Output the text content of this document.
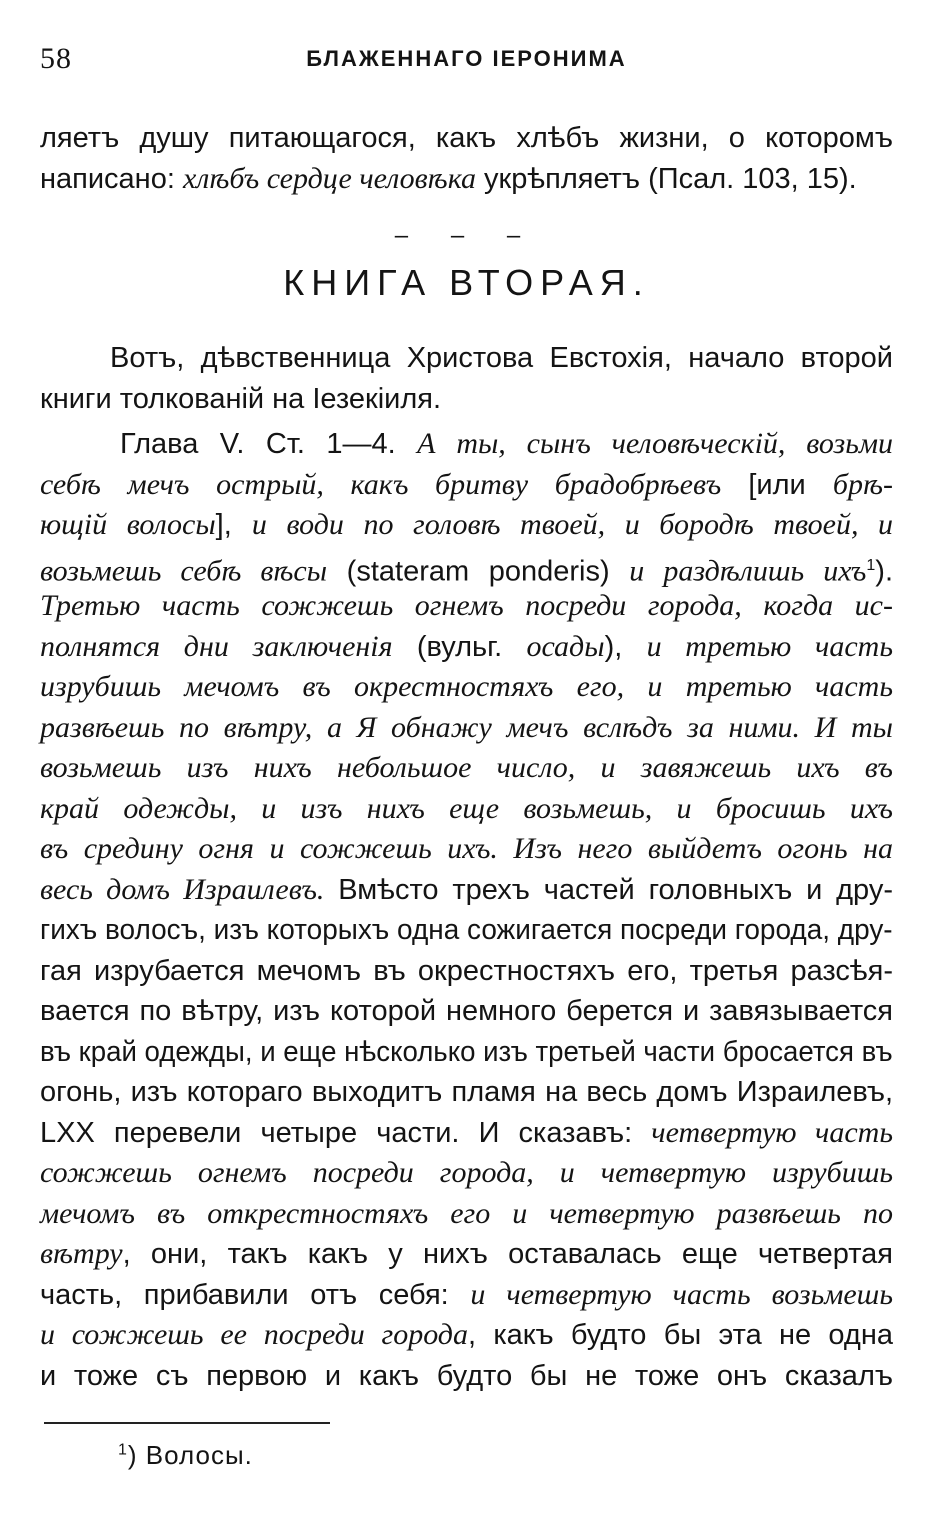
58	БЛАЖЕННАГО ІЕРОНИМА
ляетъ душу питающагося, какъ хлѣбъ жизни, о которомъ
написано: хлѣбъ сердце человѣка укрѣпляетъ (Псал. 103, 15).
– – –
КНИГА ВТОРАЯ.
Вотъ, дѣвственница Христова Евстохія, начало второй
книги толкованій на Іезекіиля.
Глава V. Ст. 1—4. А ты, сынъ человѣческій, возьми
себѣ мечъ острый, какъ бритву брадобрѣевъ [или брѣ-
ющій волосы], и води по головѣ твоей, и бородѣ твоей, и
возьмешь себѣ вѣсы (stateram ponderis) и раздѣлишь ихъ$^1$).
Третью часть сожжешь огнемъ посреди города, когда ис-
полнятся дни заключенія (вульг. осады), и третью часть
изрубишь мечомъ въ окрестностяхъ его, и третью часть
развѣешь по вѣтру, а Я обнажу мечъ вслѣдъ за ними. И ты
возьмешь изъ нихъ небольшое число, и завяжешь ихъ въ
край одежды, и изъ нихъ еще возьмешь, и бросишь ихъ
въ средину огня и сожжешь ихъ. Изъ него выйдетъ огонь на
весь домъ Израилевъ. Вмѣсто трехъ частей головныхъ и дру-
гихъ волосъ, изъ которыхъ одна сожигается посреди города, дру-
гая изрубается мечомъ въ окрестностяхъ его, третья разсѣя-
вается по вѣтру, изъ которой немного берется и завязывается
въ край одежды, и еще нѣсколько изъ третьей части бросается въ
огонь, изъ котораго выходитъ пламя на весь домъ Израилевъ,
LXX перевели четыре части. И сказавъ: четвертую часть
сожжешь огнемъ посреди города, и четвертую изрубишь
мечомъ въ открестностяхъ его и четвертую развѣешь по
вѣтру, они, такъ какъ у нихъ оставалась еще четвертая
часть, прибавили отъ себя: и четвертую часть возьмешь
и сожжешь ее посреди города, какъ будто бы эта не одна
и тоже съ первою и какъ будто бы не тоже онъ сказалъ
$^1$) Волосы.
